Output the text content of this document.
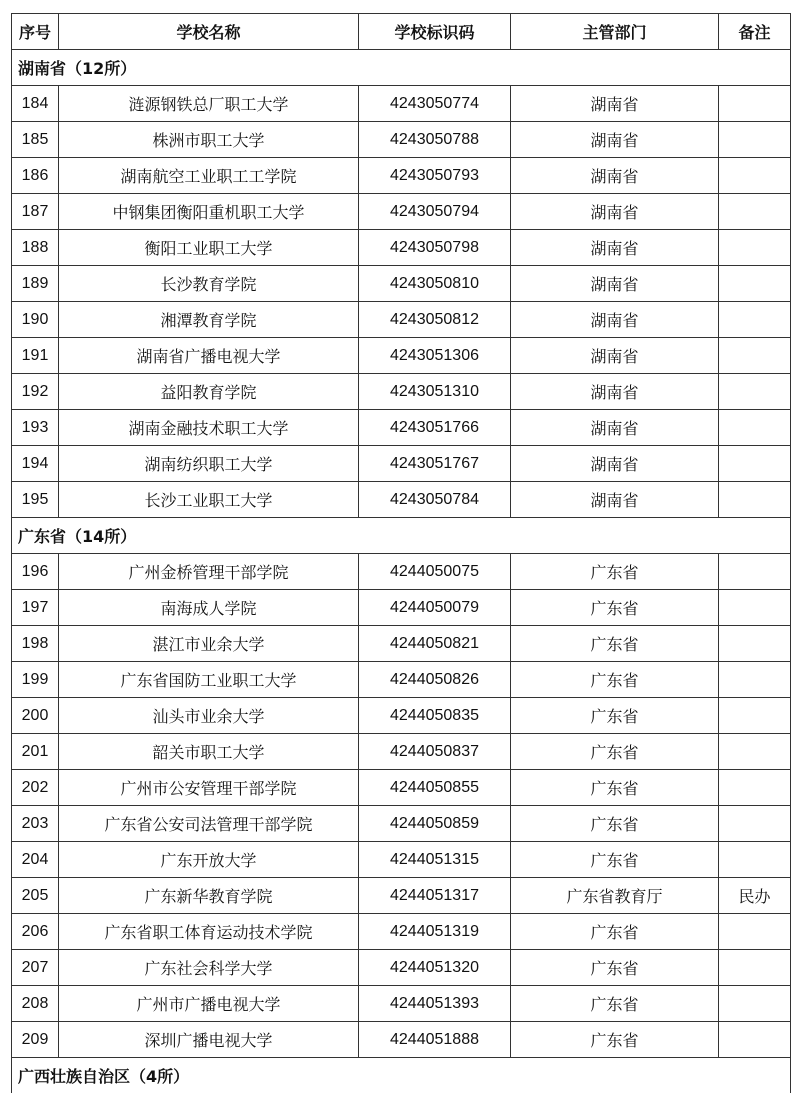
序号	学校名称	学校标识码	主管部门	备注
湖南省（12所）				
184	涟源钢铁总厂职工大学	4243050774	湖南省	
185	株洲市职工大学	4243050788	湖南省	
186	湖南航空工业职工工学院	4243050793	湖南省	
187	中钢集团衡阳重机职工大学	4243050794	湖南省	
188	衡阳工业职工大学	4243050798	湖南省	
189	长沙教育学院	4243050810	湖南省	
190	湘潭教育学院	4243050812	湖南省	
191	湖南省广播电视大学	4243051306	湖南省	
192	益阳教育学院	4243051310	湖南省	
193	湖南金融技术职工大学	4243051766	湖南省	
194	湖南纺织职工大学	4243051767	湖南省	
195	长沙工业职工大学	4243050784	湖南省	
广东省（14所）				
196	广州金桥管理干部学院	4244050075	广东省	
197	南海成人学院	4244050079	广东省	
198	湛江市业余大学	4244050821	广东省	
199	广东省国防工业职工大学	4244050826	广东省	
200	汕头市业余大学	4244050835	广东省	
201	韶关市职工大学	4244050837	广东省	
202	广州市公安管理干部学院	4244050855	广东省	
203	广东省公安司法管理干部学院	4244050859	广东省	
204	广东开放大学	4244051315	广东省	
205	广东新华教育学院	4244051317	广东省教育厅	民办
206	广东省职工体育运动技术学院	4244051319	广东省	
207	广东社会科学大学	4244051320	广东省	
208	广州市广播电视大学	4244051393	广东省	
209	深圳广播电视大学	4244051888	广东省	
广西壮族自治区（4所）				
